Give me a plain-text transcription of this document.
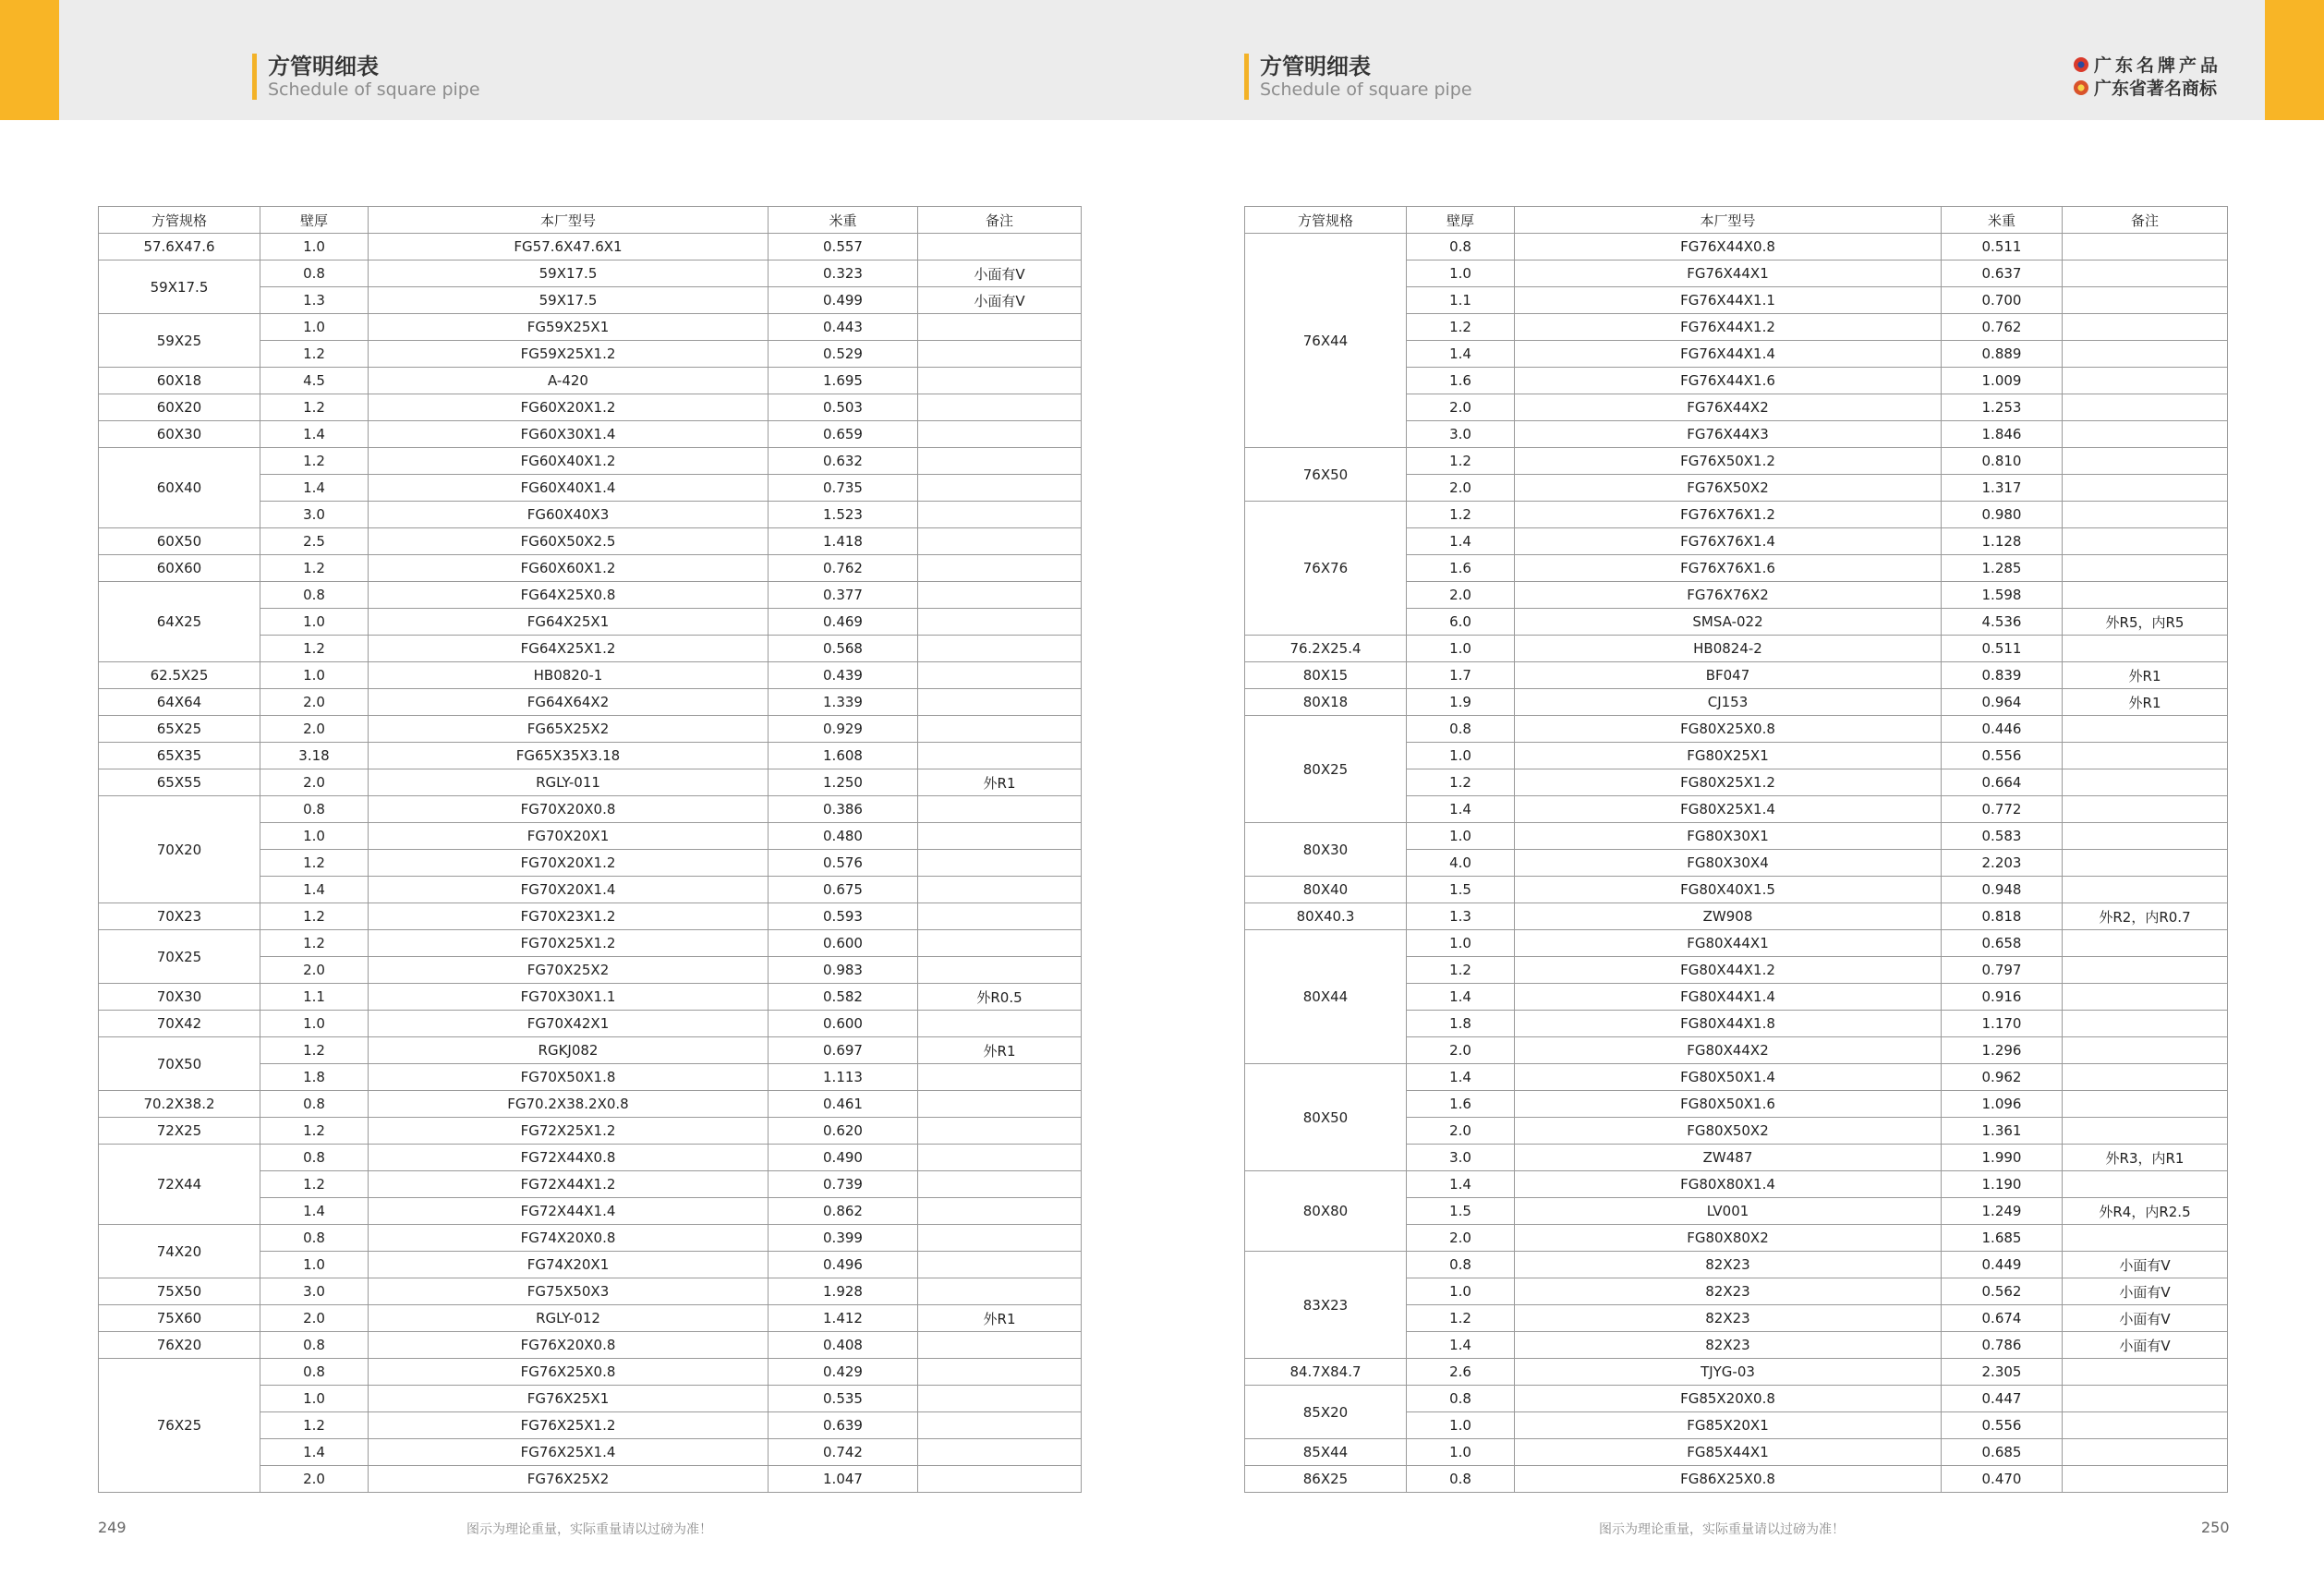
方管明细表
Schedule of square pipe
方管明细表
Schedule of square pipe
广东名牌产品
广东省著名商标
方管规格	壁厚	本厂型号	米重	备注
57.6X47.6	1.0	FG57.6X47.6X1	0.557	
59X17.5	0.8	59X17.5	0.323	小面有V
	1.3	59X17.5	0.499	小面有V
59X25	1.0	FG59X25X1	0.443	
	1.2	FG59X25X1.2	0.529	
60X18	4.5	A-420	1.695	
60X20	1.2	FG60X20X1.2	0.503	
60X30	1.4	FG60X30X1.4	0.659	
60X40	1.2	FG60X40X1.2	0.632	
	1.4	FG60X40X1.4	0.735	
	3.0	FG60X40X3	1.523	
60X50	2.5	FG60X50X2.5	1.418	
60X60	1.2	FG60X60X1.2	0.762	
64X25	0.8	FG64X25X0.8	0.377	
	1.0	FG64X25X1	0.469	
	1.2	FG64X25X1.2	0.568	
62.5X25	1.0	HB0820-1	0.439	
64X64	2.0	FG64X64X2	1.339	
65X25	2.0	FG65X25X2	0.929	
65X35	3.18	FG65X35X3.18	1.608	
65X55	2.0	RGLY-011	1.250	外R1
70X20	0.8	FG70X20X0.8	0.386	
	1.0	FG70X20X1	0.480	
	1.2	FG70X20X1.2	0.576	
	1.4	FG70X20X1.4	0.675	
70X23	1.2	FG70X23X1.2	0.593	
70X25	1.2	FG70X25X1.2	0.600	
	2.0	FG70X25X2	0.983	
70X30	1.1	FG70X30X1.1	0.582	外R0.5
70X42	1.0	FG70X42X1	0.600	
70X50	1.2	RGKJ082	0.697	外R1
	1.8	FG70X50X1.8	1.113	
70.2X38.2	0.8	FG70.2X38.2X0.8	0.461	
72X25	1.2	FG72X25X1.2	0.620	
72X44	0.8	FG72X44X0.8	0.490	
	1.2	FG72X44X1.2	0.739	
	1.4	FG72X44X1.4	0.862	
74X20	0.8	FG74X20X0.8	0.399	
	1.0	FG74X20X1	0.496	
75X50	3.0	FG75X50X3	1.928	
75X60	2.0	RGLY-012	1.412	外R1
76X20	0.8	FG76X20X0.8	0.408	
76X25	0.8	FG76X25X0.8	0.429	
	1.0	FG76X25X1	0.535	
	1.2	FG76X25X1.2	0.639	
	1.4	FG76X25X1.4	0.742	
	2.0	FG76X25X2	1.047	
方管规格	壁厚	本厂型号	米重	备注
76X44	0.8	FG76X44X0.8	0.511	
	1.0	FG76X44X1	0.637	
	1.1	FG76X44X1.1	0.700	
	1.2	FG76X44X1.2	0.762	
	1.4	FG76X44X1.4	0.889	
	1.6	FG76X44X1.6	1.009	
	2.0	FG76X44X2	1.253	
	3.0	FG76X44X3	1.846	
76X50	1.2	FG76X50X1.2	0.810	
	2.0	FG76X50X2	1.317	
76X76	1.2	FG76X76X1.2	0.980	
	1.4	FG76X76X1.4	1.128	
	1.6	FG76X76X1.6	1.285	
	2.0	FG76X76X2	1.598	
	6.0	SMSA-022	4.536	外R5，内R5
76.2X25.4	1.0	HB0824-2	0.511	
80X15	1.7	BF047	0.839	外R1
80X18	1.9	CJ153	0.964	外R1
80X25	0.8	FG80X25X0.8	0.446	
	1.0	FG80X25X1	0.556	
	1.2	FG80X25X1.2	0.664	
	1.4	FG80X25X1.4	0.772	
80X30	1.0	FG80X30X1	0.583	
	4.0	FG80X30X4	2.203	
80X40	1.5	FG80X40X1.5	0.948	
80X40.3	1.3	ZW908	0.818	外R2，内R0.7
80X44	1.0	FG80X44X1	0.658	
	1.2	FG80X44X1.2	0.797	
	1.4	FG80X44X1.4	0.916	
	1.8	FG80X44X1.8	1.170	
	2.0	FG80X44X2	1.296	
80X50	1.4	FG80X50X1.4	0.962	
	1.6	FG80X50X1.6	1.096	
	2.0	FG80X50X2	1.361	
	3.0	ZW487	1.990	外R3，内R1
80X80	1.4	FG80X80X1.4	1.190	
	1.5	LV001	1.249	外R4，内R2.5
	2.0	FG80X80X2	1.685	
83X23	0.8	82X23	0.449	小面有V
	1.0	82X23	0.562	小面有V
	1.2	82X23	0.674	小面有V
	1.4	82X23	0.786	小面有V
84.7X84.7	2.6	TJYG-03	2.305	
85X20	0.8	FG85X20X0.8	0.447	
	1.0	FG85X20X1	0.556	
85X44	1.0	FG85X44X1	0.685	
86X25	0.8	FG86X25X0.8	0.470	
249	图示为理论重量，实际重量请以过磅为准！	图示为理论重量，实际重量请以过磅为准！	250
